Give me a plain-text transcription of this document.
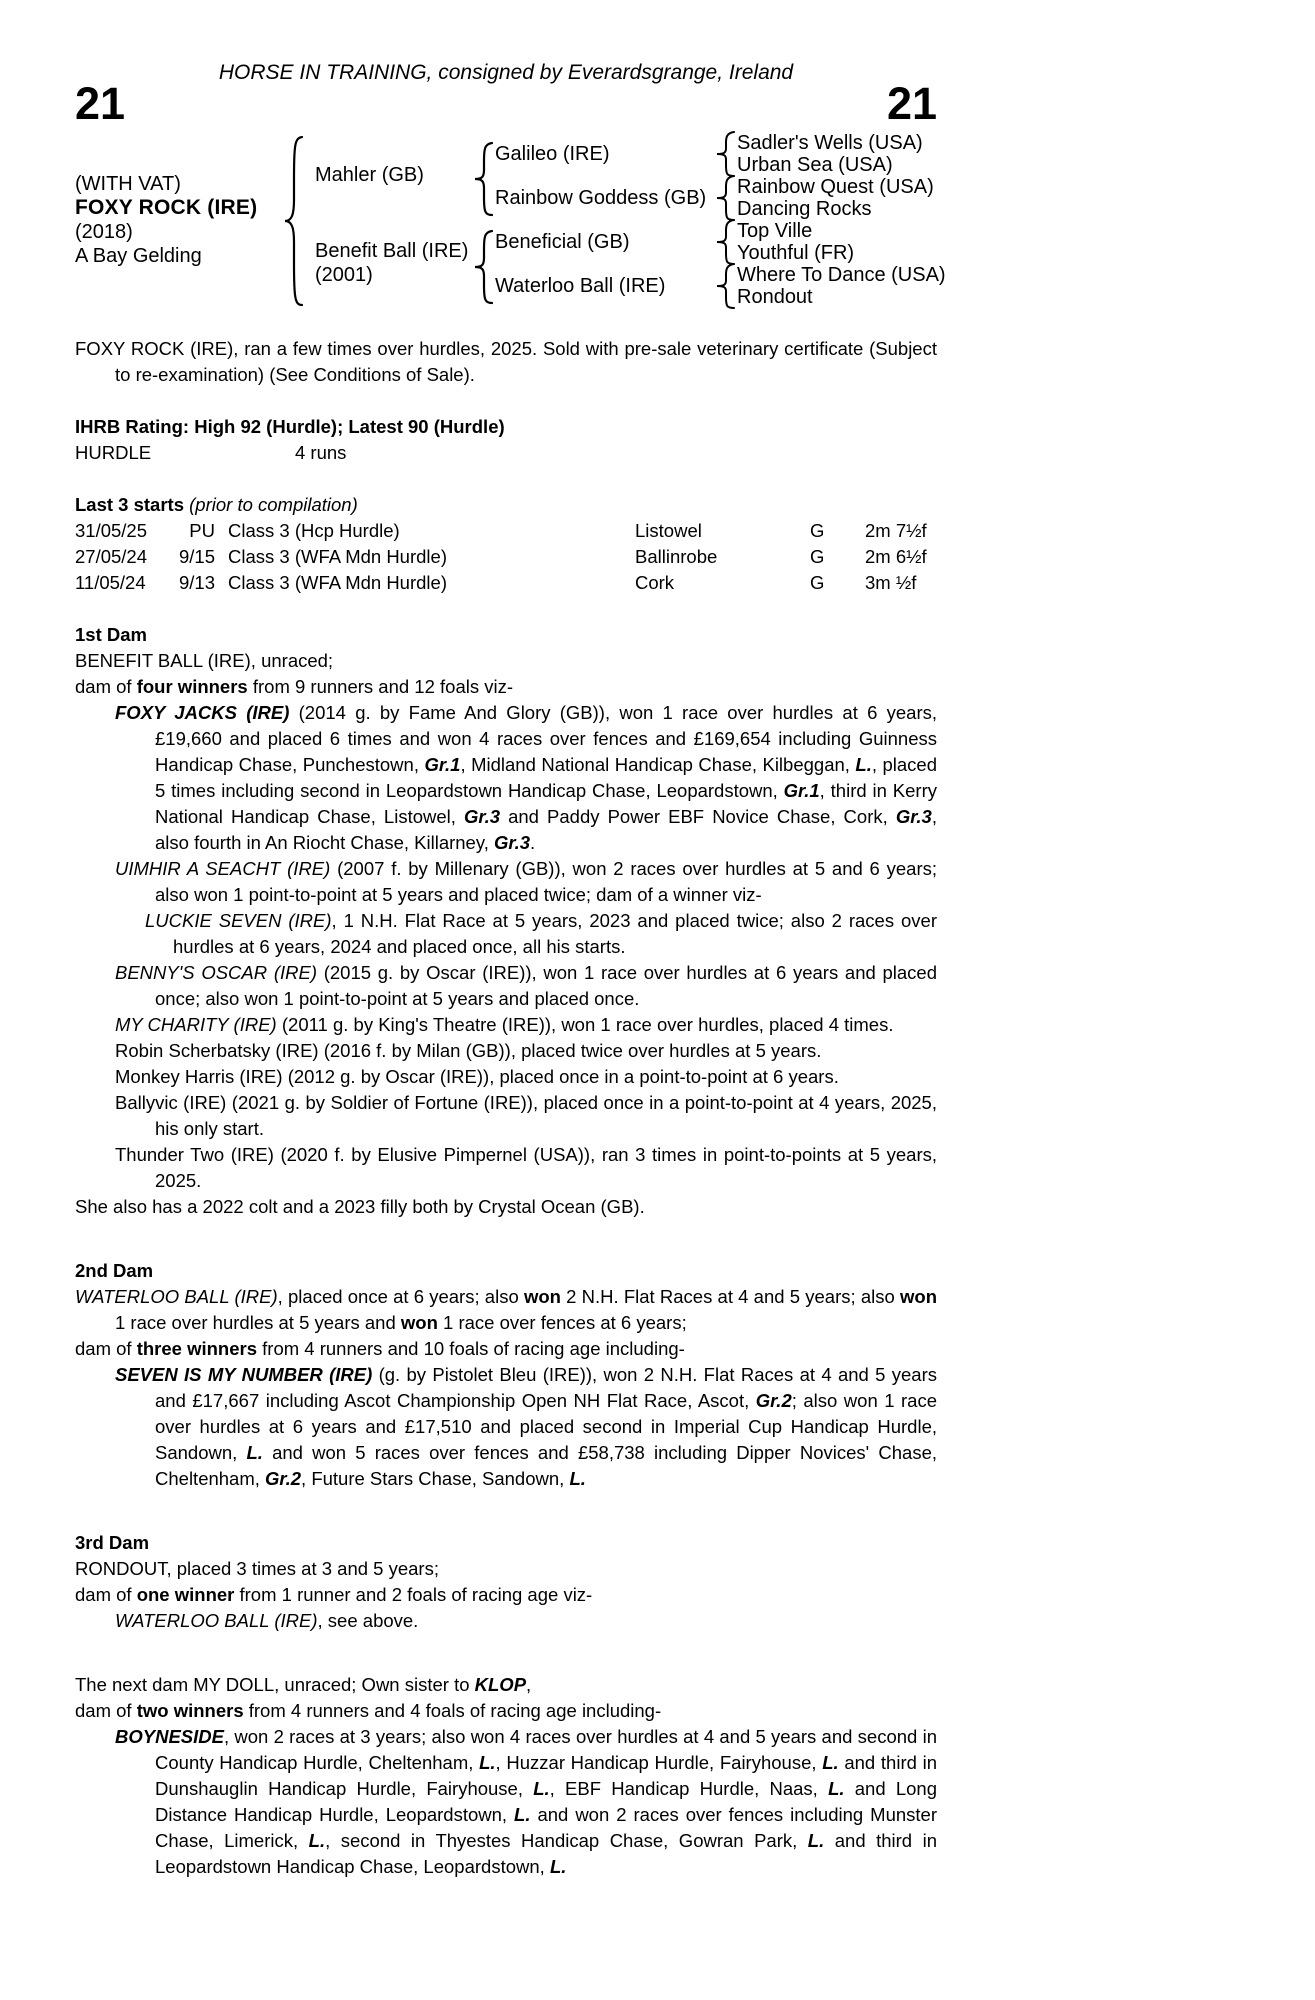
HORSE IN TRAINING, consigned by Everardsgrange, Ireland
21	21
(WITH VAT)
FOXY ROCK (IRE)
(2018)
A Bay Gelding
Mahler (GB)
Benefit Ball (IRE)
(2001)
Galileo (IRE)
Rainbow Goddess (GB)
Beneficial (GB)
Waterloo Ball (IRE)
Sadler's Wells (USA)
Urban Sea (USA)
Rainbow Quest (USA)
Dancing Rocks
Top Ville
Youthful (FR)
Where To Dance (USA)
Rondout
FOXY ROCK (IRE), ran a few times over hurdles, 2025. Sold with pre-sale veterinary certificate (Subject to re-examination) (See Conditions of Sale).
IHRB Rating: High 92 (Hurdle); Latest 90 (Hurdle)
HURDLE	4 runs
Last 3 starts (prior to compilation)
31/05/25	PU Class 3 (Hcp Hurdle)	Listowel	G 2m 7½f
27/05/24	9/15 Class 3 (WFA Mdn Hurdle)	Ballinrobe	G 2m 6½f
11/05/24	9/13 Class 3 (WFA Mdn Hurdle)	Cork	G 3m ½f
1st Dam
BENEFIT BALL (IRE), unraced;
dam of four winners from 9 runners and 12 foals viz-
FOXY JACKS (IRE) (2014 g. by Fame And Glory (GB)), won 1 race over hurdles at 6 years, £19,660 and placed 6 times and won 4 races over fences and £169,654 including Guinness Handicap Chase, Punchestown, Gr.1, Midland National Handicap Chase, Kilbeggan, L., placed 5 times including second in Leopardstown Handicap Chase, Leopardstown, Gr.1, third in Kerry National Handicap Chase, Listowel, Gr.3 and Paddy Power EBF Novice Chase, Cork, Gr.3, also fourth in An Riocht Chase, Killarney, Gr.3.
UIMHIR A SEACHT (IRE) (2007 f. by Millenary (GB)), won 2 races over hurdles at 5 and 6 years; also won 1 point-to-point at 5 years and placed twice; dam of a winner viz-
LUCKIE SEVEN (IRE), 1 N.H. Flat Race at 5 years, 2023 and placed twice; also 2 races over hurdles at 6 years, 2024 and placed once, all his starts.
BENNY'S OSCAR (IRE) (2015 g. by Oscar (IRE)), won 1 race over hurdles at 6 years and placed once; also won 1 point-to-point at 5 years and placed once.
MY CHARITY (IRE) (2011 g. by King's Theatre (IRE)), won 1 race over hurdles, placed 4 times.
Robin Scherbatsky (IRE) (2016 f. by Milan (GB)), placed twice over hurdles at 5 years.
Monkey Harris (IRE) (2012 g. by Oscar (IRE)), placed once in a point-to-point at 6 years.
Ballyvic (IRE) (2021 g. by Soldier of Fortune (IRE)), placed once in a point-to-point at 4 years, 2025, his only start.
Thunder Two (IRE) (2020 f. by Elusive Pimpernel (USA)), ran 3 times in point-to-points at 5 years, 2025.
She also has a 2022 colt and a 2023 filly both by Crystal Ocean (GB).
2nd Dam
WATERLOO BALL (IRE), placed once at 6 years; also won 2 N.H. Flat Races at 4 and 5 years; also won 1 race over hurdles at 5 years and won 1 race over fences at 6 years;
dam of three winners from 4 runners and 10 foals of racing age including-
SEVEN IS MY NUMBER (IRE) (g. by Pistolet Bleu (IRE)), won 2 N.H. Flat Races at 4 and 5 years and £17,667 including Ascot Championship Open NH Flat Race, Ascot, Gr.2; also won 1 race over hurdles at 6 years and £17,510 and placed second in Imperial Cup Handicap Hurdle, Sandown, L. and won 5 races over fences and £58,738 including Dipper Novices' Chase, Cheltenham, Gr.2, Future Stars Chase, Sandown, L.
3rd Dam
RONDOUT, placed 3 times at 3 and 5 years;
dam of one winner from 1 runner and 2 foals of racing age viz-
WATERLOO BALL (IRE), see above.
The next dam MY DOLL, unraced; Own sister to KLOP,
dam of two winners from 4 runners and 4 foals of racing age including-
BOYNESIDE, won 2 races at 3 years; also won 4 races over hurdles at 4 and 5 years and second in County Handicap Hurdle, Cheltenham, L., Huzzar Handicap Hurdle, Fairyhouse, L. and third in Dunshauglin Handicap Hurdle, Fairyhouse, L., EBF Handicap Hurdle, Naas, L. and Long Distance Handicap Hurdle, Leopardstown, L. and won 2 races over fences including Munster Chase, Limerick, L., second in Thyestes Handicap Chase, Gowran Park, L. and third in Leopardstown Handicap Chase, Leopardstown, L.
